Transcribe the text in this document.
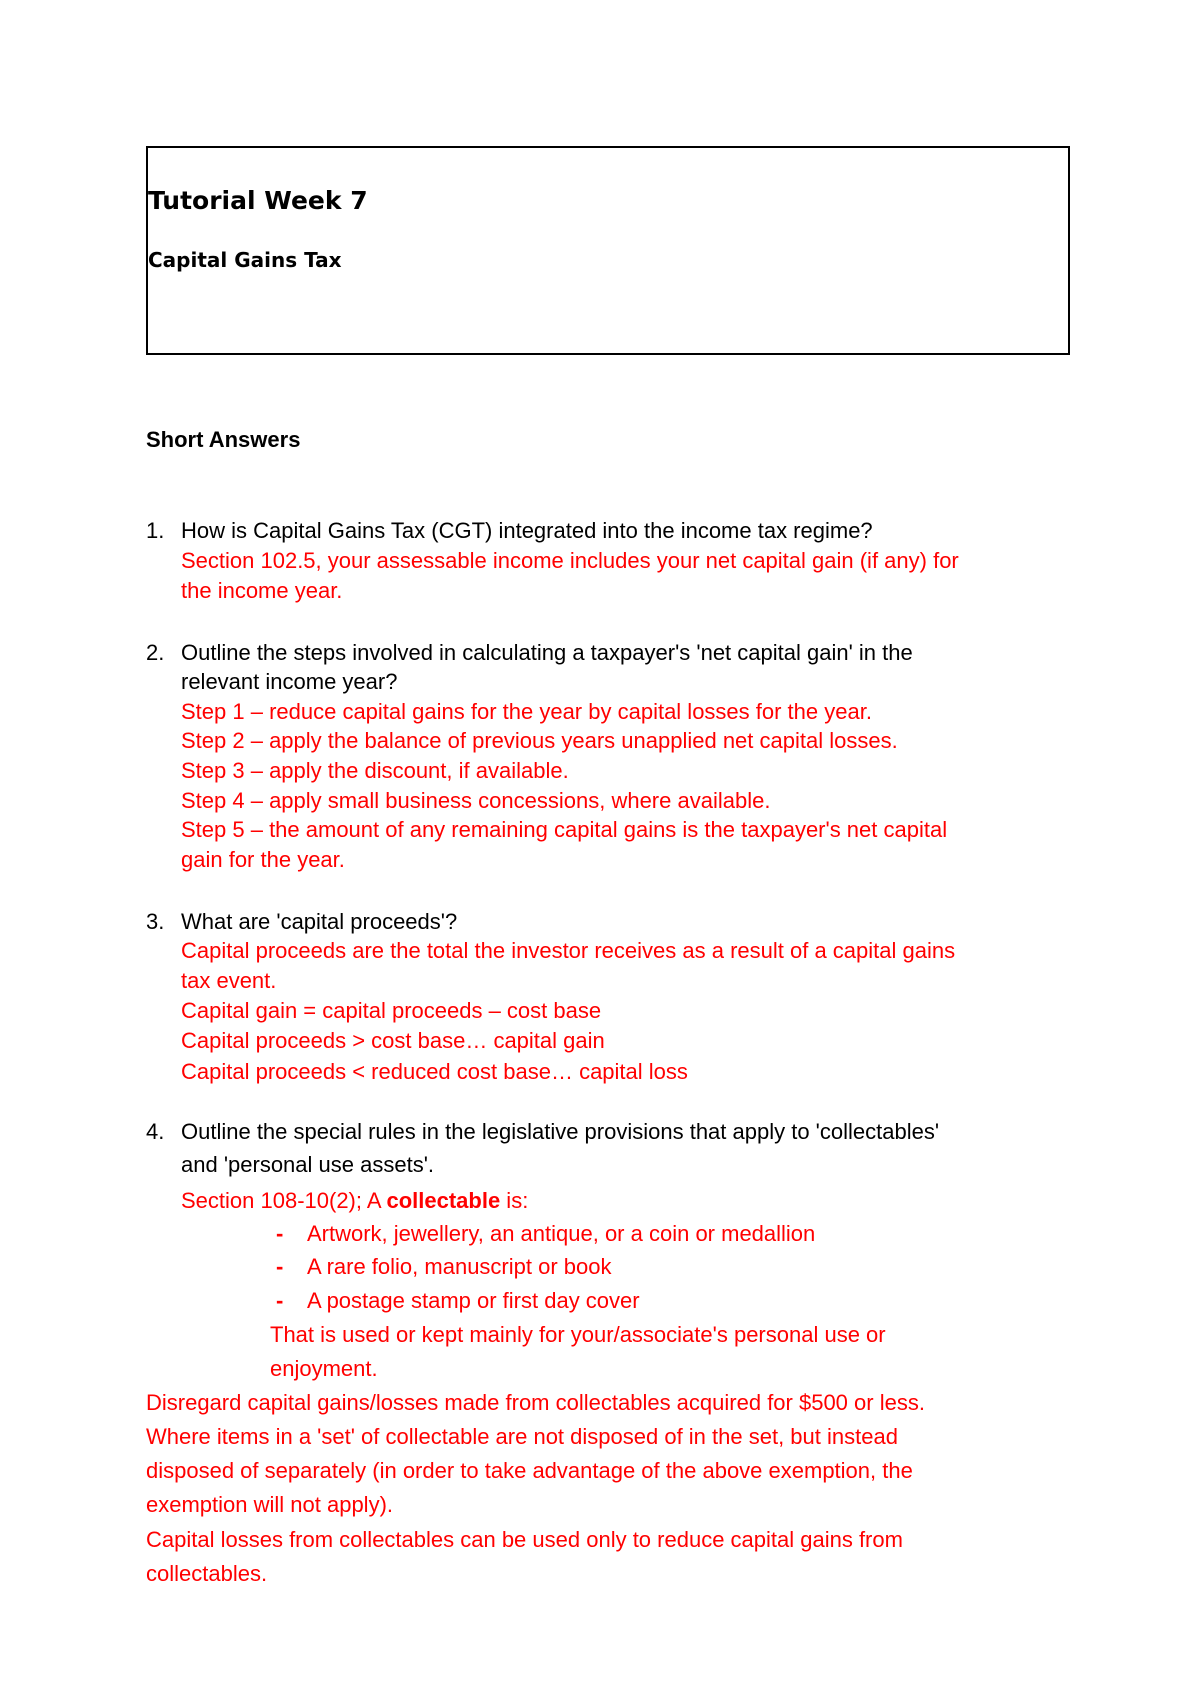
Tutorial Week 7
Capital Gains Tax
Short Answers
1. How is Capital Gains Tax (CGT) integrated into the income tax regime?
Section 102.5, your assessable income includes your net capital gain (if any) for
the income year.
2. Outline the steps involved in calculating a taxpayer's 'net capital gain' in the
relevant income year?
Step 1 – reduce capital gains for the year by capital losses for the year.
Step 2 – apply the balance of previous years unapplied net capital losses.
Step 3 – apply the discount, if available.
Step 4 – apply small business concessions, where available.
Step 5 – the amount of any remaining capital gains is the taxpayer's net capital
gain for the year.
3. What are 'capital proceeds'?
Capital proceeds are the total the investor receives as a result of a capital gains
tax event.
Capital gain = capital proceeds – cost base
Capital proceeds > cost base… capital gain
Capital proceeds < reduced cost base… capital loss
4. Outline the special rules in the legislative provisions that apply to 'collectables'
and 'personal use assets'.
Section 108-10(2); A collectable is:
- Artwork, jewellery, an antique, or a coin or medallion
- A rare folio, manuscript or book
- A postage stamp or first day cover
That is used or kept mainly for your/associate's personal use or
enjoyment.
Disregard capital gains/losses made from collectables acquired for $500 or less.
Where items in a 'set' of collectable are not disposed of in the set, but instead
disposed of separately (in order to take advantage of the above exemption, the
exemption will not apply).
Capital losses from collectables can be used only to reduce capital gains from
collectables.
